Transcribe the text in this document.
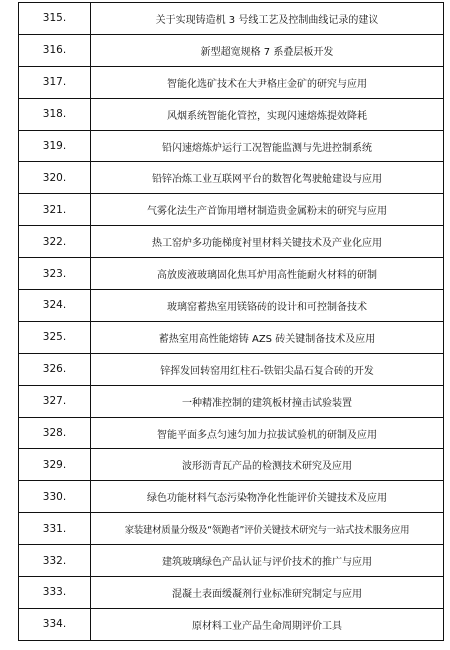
315.	关于实现铸造机 3 号线工艺及控制曲线记录的建议
316.	新型超宽规格 7 系叠层板开发
317.	智能化选矿技术在大尹格庄金矿的研究与应用
318.	风烟系统智能化管控，实现闪速熔炼提效降耗
319.	铅闪速熔炼炉运行工况智能监测与先进控制系统
320.	铅锌冶炼工业互联网平台的数智化驾驶舱建设与应用
321.	气雾化法生产首饰用增材制造贵金属粉末的研究与应用
322.	热工窑炉多功能梯度衬里材料关键技术及产业化应用
323.	高放废液玻璃固化焦耳炉用高性能耐火材料的研制
324.	玻璃窑蓄热室用镁铬砖的设计和可控制备技术
325.	蓄热室用高性能熔铸 AZS 砖关键制备技术及应用
326.	锌挥发回转窑用红柱石-铁铝尖晶石复合砖的开发
327.	一种精准控制的建筑板材撞击试验装置
328.	智能平面多点匀速匀加力拉拔试验机的研制及应用
329.	波形沥青瓦产品的检测技术研究及应用
330.	绿色功能材料气态污染物净化性能评价关键技术及应用
331.	家装建材质量分级及“领跑者”评价关键技术研究与一站式技术服务应用
332.	建筑玻璃绿色产品认证与评价技术的推广与应用
333.	混凝土表面缓凝剂行业标准研究制定与应用
334.	原材料工业产品生命周期评价工具
